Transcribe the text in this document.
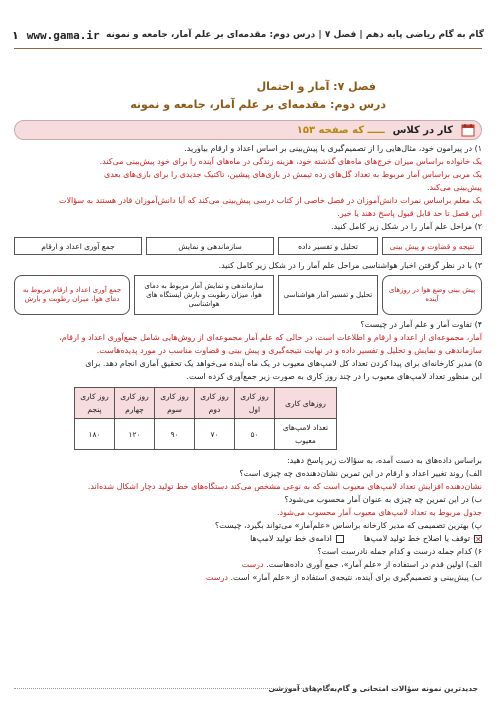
۱ www.gama.ir گام به گام ریاضی پایه دهم | فصل ۷ | درس دوم: مقدمه‌ای بر علم آمار، جامعه و نمونه
فصل ۷: آمار و احتمال
درس دوم: مقدمه‌ای بر علم آمار، جامعه و نمونه
کار در کلاس
ـــــ که صفحه ۱۵۳
۱) در پیرامون خود، مثال‌هایی را از تصمیم‌گیری یا پیش‌بینی بر اساس اعداد و ارقام بیاورید.
یک خانواده براساس میزان خرج‌های ماه‌های گذشته خود، هزینه زندگی در ماه‌های آینده را برای خود پیش‌بینی می‌کند.
یک مربی براساس آمار مربوط به تعداد گل‌های زده تیمش در بازی‌های پیشین، تاکتیک جدیدی را برای بازی‌های بعدی
پیش‌بینی می‌کند.
یک معلم براساس نمرات دانش‌آموزان در فصل خاصی از کتاب درسی پیش‌بینی می‌کند که آیا دانش‌آموزان قادر هستند به سؤالات
این فصل تا حد قابل قبول پاسخ دهند یا خیر.
۲) مراحل علم آمار را در شکل زیر کامل کنید.
نتیجه و قضاوت و پیش بینی
تحلیل و تفسیر داده
سازماندهی و نمایش
جمع آوری اعداد و ارقام
۳) با در نظر گرفتن اخبار هواشناسی مراحل علم آمار را در شکل زیر کامل کنید.
پیش بینی وضع هوا در روزهای آینده
تحلیل و تفسیر آمار هواشناسی
سازماندهی و نمایش آمار مربوط به دمای هوا، میزان رطوبت و بارش ایستگاه های هواشناسی
جمع آوری اعداد و ارقام مربوط به دمای هوا، میزان رطوبت و بارش
۴) تفاوت آمار و علم آمار در چیست؟
آمار، مجموعه‌ای از اعداد و ارقام و اطلاعات است، در حالی که علم آمار مجموعه‌ای از روش‌هایی شامل جمع‌آوری اعداد و ارقام،
سازماندهی و نمایش و تحلیل و تفسیر داده و در نهایت نتیجه‌گیری و پیش بینی و قضاوت مناسب در مورد پدیده‌هاست.
۵) مدیر کارخانه‌ای برای پیدا کردن تعداد کل لامپ‌های معیوب در یک ماه آینده می‌خواهد یک تحقیق آماری انجام دهد. برای
این منظور تعداد لامپ‌های معیوب را در چند روز کاری به صورت زیر جمع‌آوری کرده است.
روزهای کاری	روز کاری اول	روز کاری دوم	روز کاری سوم	روز کاری چهارم	روز کاری پنجم
تعداد لامپ‌های معیوب	۵۰	۷۰	۹۰	۱۲۰	۱۸۰
براساس داده‌های به دست آمده، به سؤالات زیر پاسخ دهید:
الف) روند تغییر اعداد و ارقام در این تمرین نشان‌دهنده‌ی چه چیزی است؟
نشان‌دهنده افزایش تعداد لامپ‌های معیوب است که به نوعی مشخص می‌کند دستگاه‌های خط تولید دچار اشکال شده‌اند.
ب) در این تمرین چه چیزی به عنوان آمار محسوب می‌شود؟
جدول مربوط به تعداد لامپ‌های معیوب آمار محسوب می‌شود.
پ) بهترین تصمیمی که مدیر کارخانه براساس «علم‌آمار» می‌تواند بگیرد، چیست؟
✕توقف یا اصلاح خط تولید لامپ‌ها
ادامه‌ی خط تولید لامپ‌ها
۶) کدام جمله درست و کدام جمله نادرست است؟
الف) اولین قدم در استفاده از «علم آمار»، جمع آوری داده‌هاست. درست
ب) پیش‌بینی و تصمیم‌گیری برای آینده، نتیجه‌ی استفاده از «علم آمار» است. درست
جدیدترین نمونه سؤالات امتحانی و گام‌به‌گام‌های آموزشی
